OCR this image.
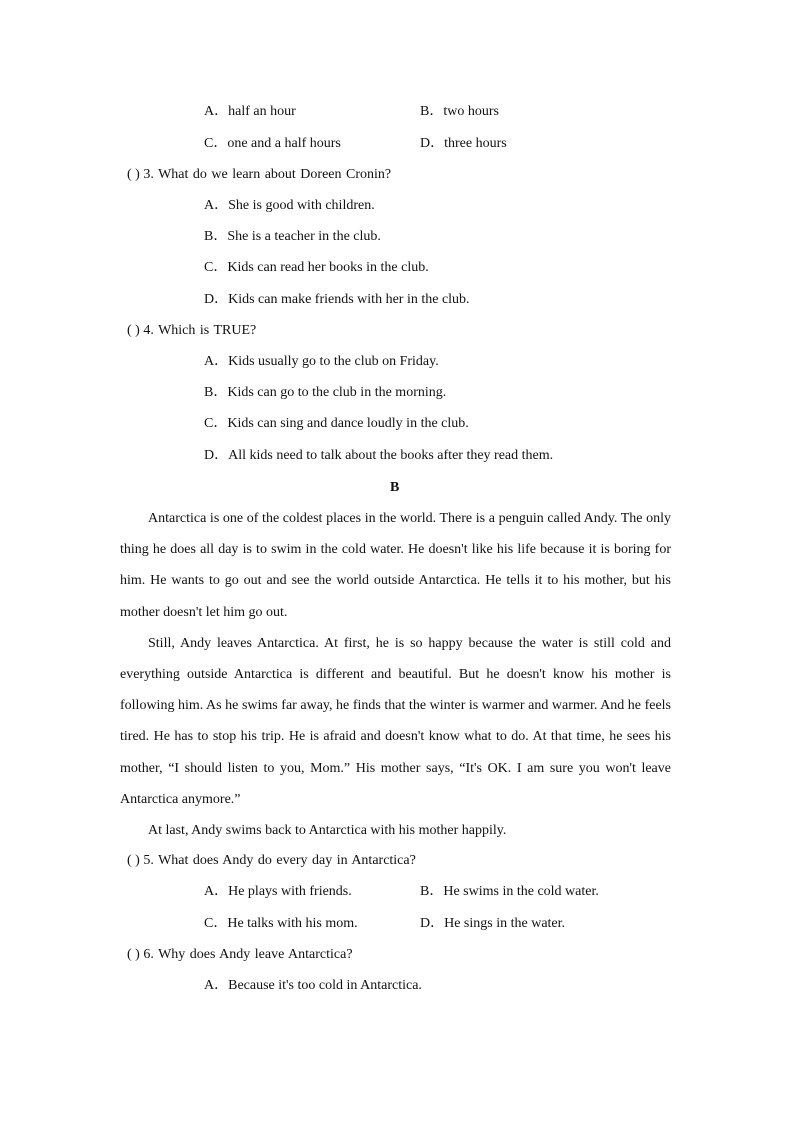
A．half an hour	B．two hours
C．one and a half hours	D．three hours
( ) 3. What do we learn about Doreen Cronin?
A．She is good with children.
B．She is a teacher in the club.
C．Kids can read her books in the club.
D．Kids can make friends with her in the club.
( ) 4. Which is TRUE?
A．Kids usually go to the club on Friday.
B．Kids can go to the club in the morning.
C．Kids can sing and dance loudly in the club.
D．All kids need to talk about the books after they read them.
B
Antarctica is one of the coldest places in the world. There is a penguin called Andy. The only thing he does all day is to swim in the cold water. He doesn't like his life because it is boring for him. He wants to go out and see the world outside Antarctica. He tells it to his mother, but his mother doesn't let him go out.
Still, Andy leaves Antarctica. At first, he is so happy because the water is still cold and everything outside Antarctica is different and beautiful. But he doesn't know his mother is following him. As he swims far away, he finds that the winter is warmer and warmer. And he feels tired. He has to stop his trip. He is afraid and doesn't know what to do. At that time, he sees his mother, “I should listen to you, Mom.” His mother says, “It's OK. I am sure you won't leave Antarctica anymore.”
At last, Andy swims back to Antarctica with his mother happily.
( ) 5. What does Andy do every day in Antarctica?
A．He plays with friends.	B．He swims in the cold water.
C．He talks with his mom.	D．He sings in the water.
( ) 6. Why does Andy leave Antarctica?
A．Because it's too cold in Antarctica.
